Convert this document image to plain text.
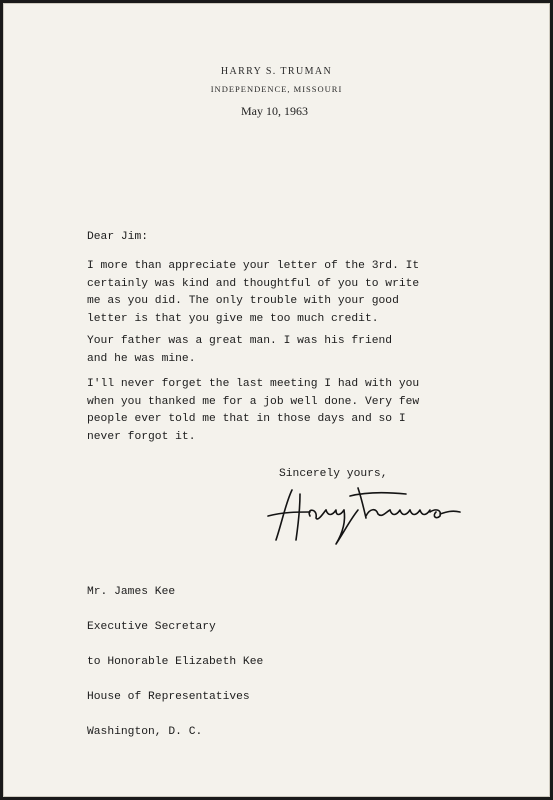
HARRY S. TRUMAN
INDEPENDENCE, MISSOURI
May 10, 1963
Dear Jim:

I more than appreciate your letter of the 3rd. It
certainly was kind and thoughtful of you to write
me as you did. The only trouble with your good
letter is that you give me too much credit.

Your father was a great man. I was his friend
and he was mine.

I'll never forget the last meeting I had with you
when you thanked me for a job well done. Very few
people ever told me that in those days and so I
never forgot it.

Sincerely yours,

Mr. James Kee

Executive Secretary

to Honorable Elizabeth Kee

House of Representatives

Washington, D. C.
